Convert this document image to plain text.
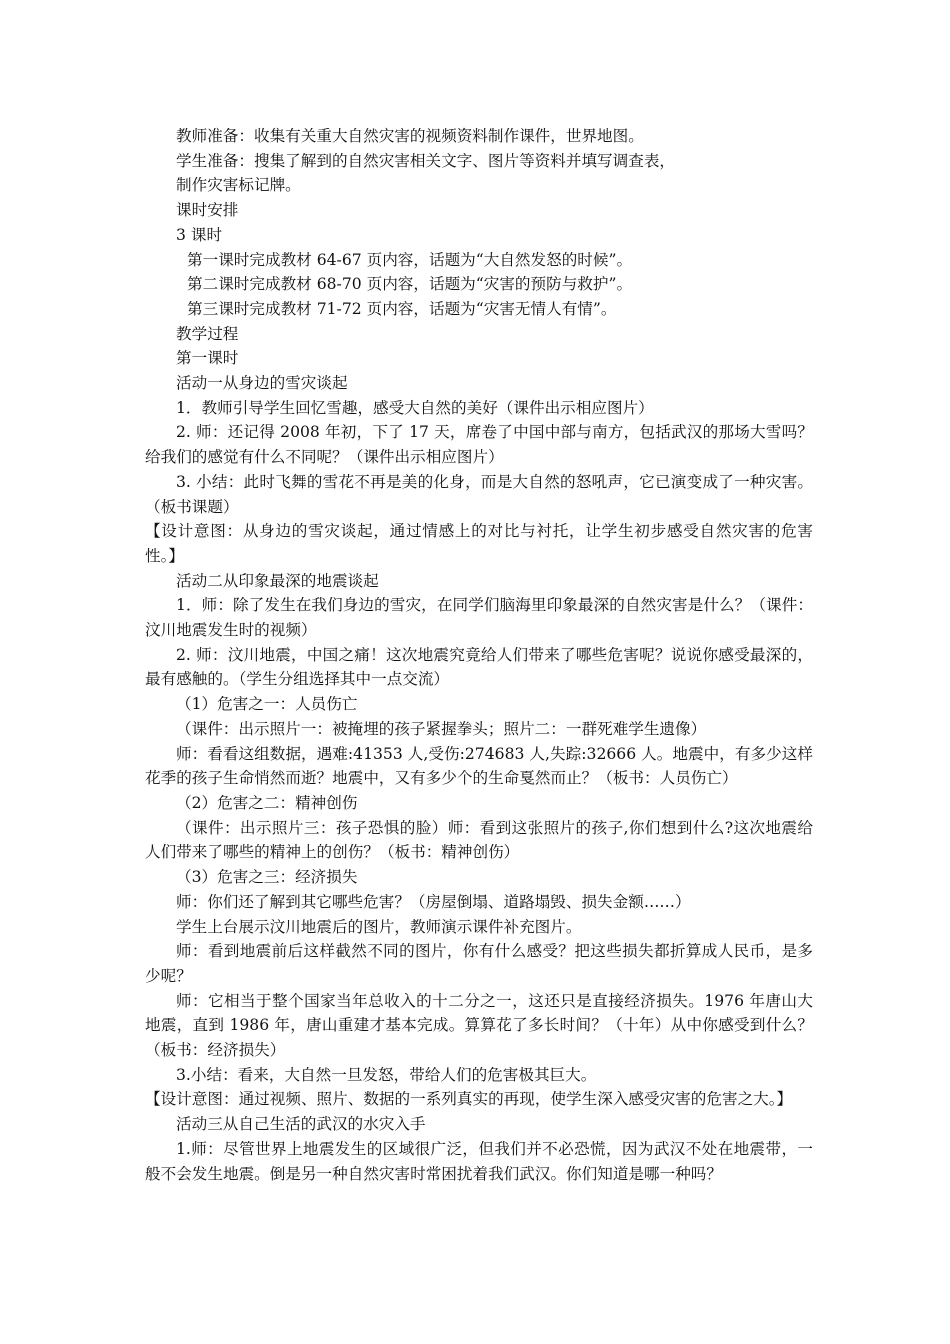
教师准备：收集有关重大自然灾害的视频资料制作课件，世界地图。

学生准备：搜集了解到的自然灾害相关文字、图片等资料并填写调查表，

制作灾害标记牌。

课时安排

3 课时

第一课时完成教材 64-67 页内容，话题为“大自然发怒的时候”。

第二课时完成教材 68-70 页内容，话题为“灾害的预防与救护”。

第三课时完成教材 71-72 页内容，话题为“灾害无情人有情”。

教学过程

第一课时

活动一从身边的雪灾谈起

1．教师引导学生回忆雪趣，感受大自然的美好（课件出示相应图片）

2. 师：还记得 2008 年初，下了 17 天，席卷了中国中部与南方，包括武汉的那场大雪吗？给我们的感觉有什么不同呢？（课件出示相应图片）

3. 小结：此时飞舞的雪花不再是美的化身，而是大自然的怒吼声，它已演变成了一种灾害。（板书课题）

【设计意图：从身边的雪灾谈起，通过情感上的对比与衬托，让学生初步感受自然灾害的危害性。】

活动二从印象最深的地震谈起

1．师：除了发生在我们身边的雪灾，在同学们脑海里印象最深的自然灾害是什么？（课件：汶川地震发生时的视频）

2. 师：汶川地震，中国之痛！这次地震究竟给人们带来了哪些危害呢？说说你感受最深的，最有感触的。（学生分组选择其中一点交流）

（1）危害之一：人员伤亡

（课件：出示照片一：被掩埋的孩子紧握拳头；照片二：一群死难学生遗像）

师：看看这组数据，遇难:41353 人,受伤:274683 人,失踪:32666 人。地震中，有多少这样花季的孩子生命悄然而逝？地震中，又有多少个的生命戛然而止？（板书：人员伤亡）

（2）危害之二：精神创伤

（课件：出示照片三：孩子恐惧的脸）师：看到这张照片的孩子,你们想到什么?这次地震给人们带来了哪些的精神上的创伤？（板书：精神创伤）

（3）危害之三：经济损失

师：你们还了解到其它哪些危害？（房屋倒塌、道路塌毁、损失金额……）

学生上台展示汶川地震后的图片，教师演示课件补充图片。

师：看到地震前后这样截然不同的图片，你有什么感受？把这些损失都折算成人民币，是多少呢？

师：它相当于整个国家当年总收入的十二分之一，这还只是直接经济损失。1976 年唐山大地震，直到 1986 年，唐山重建才基本完成。算算花了多长时间？（十年）从中你感受到什么？（板书：经济损失）

3.小结：看来，大自然一旦发怒，带给人们的危害极其巨大。

【设计意图：通过视频、照片、数据的一系列真实的再现，使学生深入感受灾害的危害之大。】

活动三从自己生活的武汉的水灾入手

1.师：尽管世界上地震发生的区域很广泛，但我们并不必恐慌，因为武汉不处在地震带，一般不会发生地震。倒是另一种自然灾害时常困扰着我们武汉。你们知道是哪一种吗？
